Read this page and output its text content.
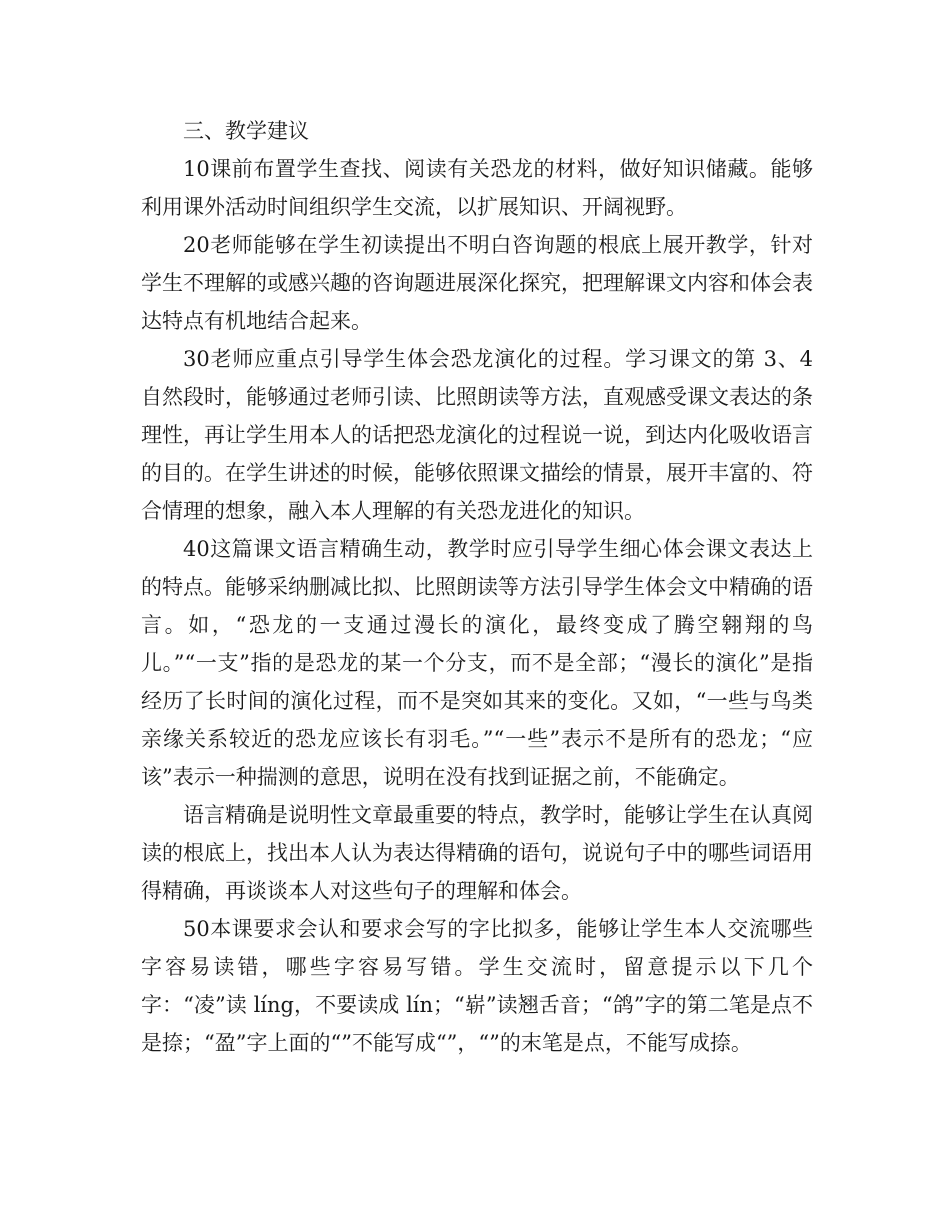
三、教学建议

10课前布置学生查找、阅读有关恐龙的材料，做好知识储藏。能够利用课外活动时间组织学生交流，以扩展知识、开阔视野。

20老师能够在学生初读提出不明白咨询题的根底上展开教学，针对学生不理解的或感兴趣的咨询题进展深化探究，把理解课文内容和体会表达特点有机地结合起来。

30老师应重点引导学生体会恐龙演化的过程。学习课文的第 3、4 自然段时，能够通过老师引读、比照朗读等方法，直观感受课文表达的条理性，再让学生用本人的话把恐龙演化的过程说一说，到达内化吸收语言的目的。在学生讲述的时候，能够依照课文描绘的情景，展开丰富的、符合情理的想象，融入本人理解的有关恐龙进化的知识。

40这篇课文语言精确生动，教学时应引导学生细心体会课文表达上的特点。能够采纳删减比拟、比照朗读等方法引导学生体会文中精确的语言。如，“恐龙的一支通过漫长的演化，最终变成了腾空翱翔的鸟儿。”“一支”指的是恐龙的某一个分支，而不是全部；“漫长的演化”是指经历了长时间的演化过程，而不是突如其来的变化。又如，“一些与鸟类亲缘关系较近的恐龙应该长有羽毛。”“一些”表示不是所有的恐龙；“应该”表示一种揣测的意思，说明在没有找到证据之前，不能确定。

语言精确是说明性文章最重要的特点，教学时，能够让学生在认真阅读的根底上，找出本人认为表达得精确的语句，说说句子中的哪些词语用得精确，再谈谈本人对这些句子的理解和体会。

50本课要求会认和要求会写的字比拟多，能够让学生本人交流哪些字容易读错，哪些字容易写错。学生交流时，留意提示以下几个字：“凌”读 líng，不要读成 lín；“崭”读翘舌音；“鸽”字的第二笔是点不是捺；“盈”字上面的“”不能写成“”，“”的末笔是点，不能写成捺。
